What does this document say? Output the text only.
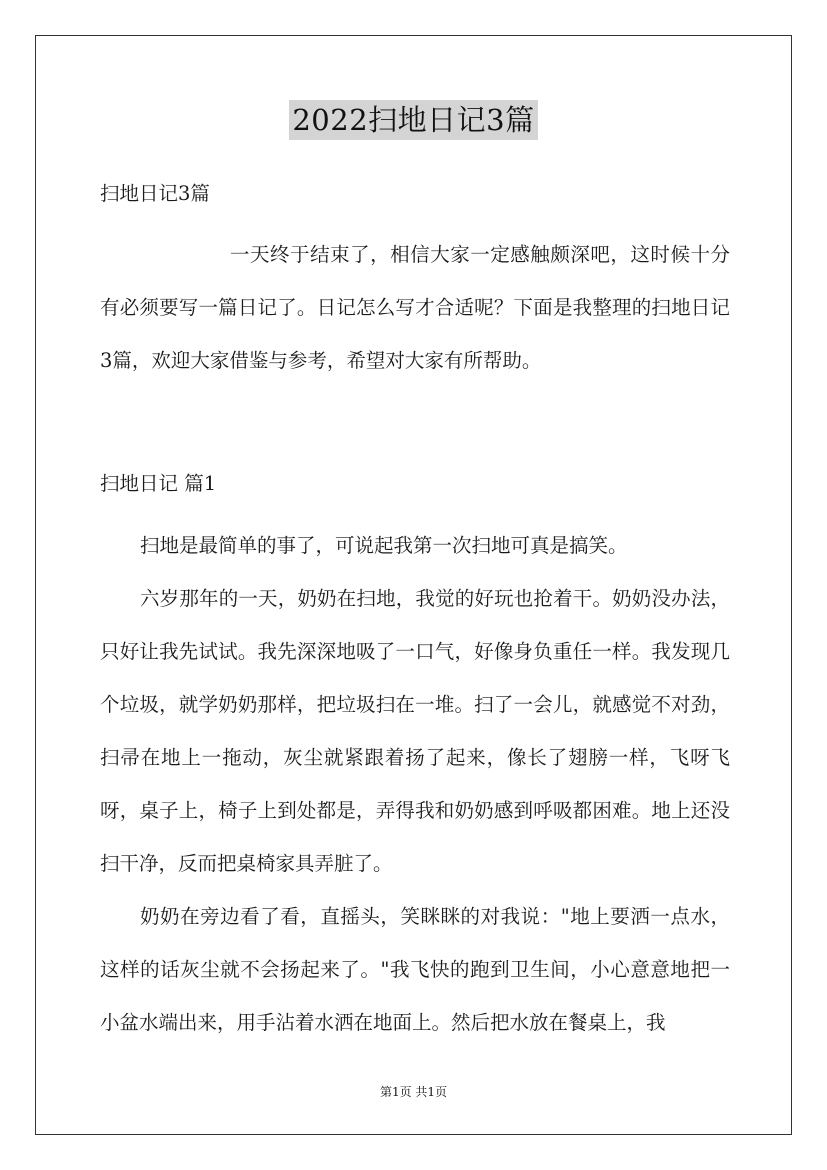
2022扫地日记3篇

扫地日记3篇

一天终于结束了，相信大家一定感触颇深吧，这时候十分有必须要写一篇日记了。日记怎么写才合适呢？下面是我整理的扫地日记3篇，欢迎大家借鉴与参考，希望对大家有所帮助。

扫地日记 篇1

扫地是最简单的事了，可说起我第一次扫地可真是搞笑。

六岁那年的一天，奶奶在扫地，我觉的好玩也抢着干。奶奶没办法，只好让我先试试。我先深深地吸了一口气，好像身负重任一样。我发现几个垃圾，就学奶奶那样，把垃圾扫在一堆。扫了一会儿，就感觉不对劲，扫帚在地上一拖动，灰尘就紧跟着扬了起来，像长了翅膀一样，飞呀飞呀，桌子上，椅子上到处都是，弄得我和奶奶感到呼吸都困难。地上还没扫干净，反而把桌椅家具弄脏了。

奶奶在旁边看了看，直摇头，笑眯眯的对我说："地上要洒一点水，这样的话灰尘就不会扬起来了。"我飞快的跑到卫生间，小心意意地把一小盆水端出来，用手沾着水洒在地面上。然后把水放在餐桌上，我

第1页 共1页
